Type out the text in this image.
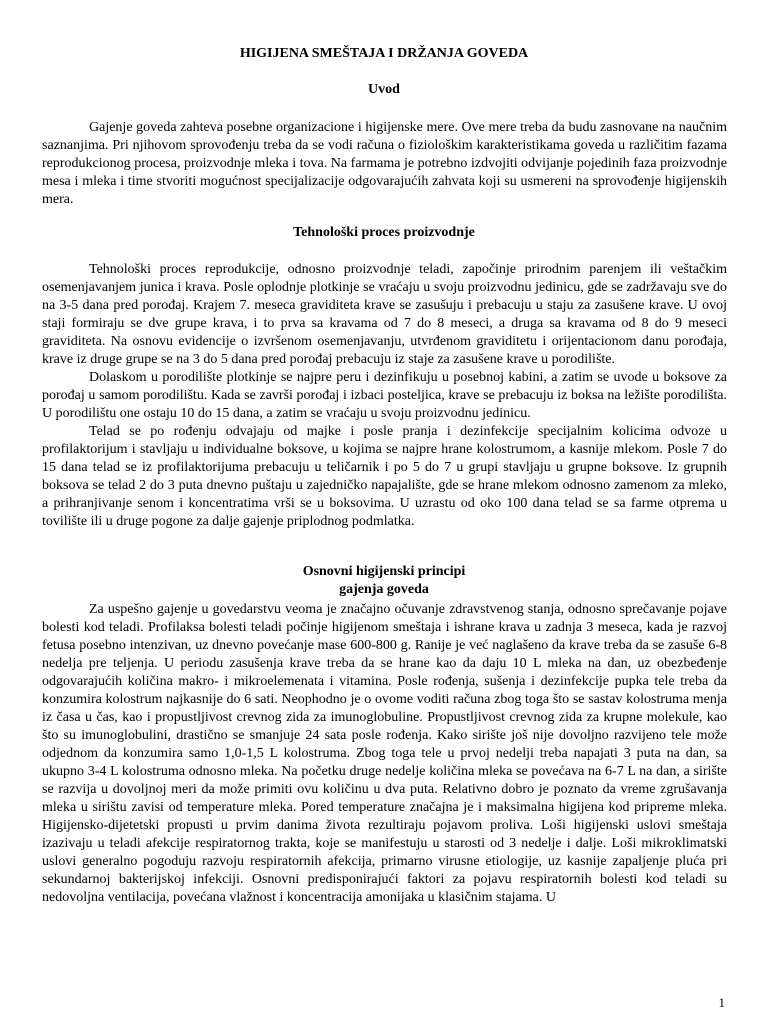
HIGIJENA SMEŠTAJA I DRŽANJA GOVEDA
Uvod

Gajenje goveda zahteva posebne organizacione i higijenske mere. Ove mere treba da budu zasnovane na naučnim saznanjima. Pri njihovom sprovođenju treba da se vodi računa o fiziološkim karakteristikama goveda u različitim fazama reprodukcionog procesa, proizvodnje mleka i tova. Na farmama je potrebno izdvojiti odvijanje pojedinih faza proizvodnje mesa i mleka i time stvoriti mogućnost specijalizacije odgovarajućih zahvata koji su usmereni na sprovođenje higijenskih mera.

Tehnološki proces proizvodnje

Tehnološki proces reprodukcije, odnosno proizvodnje teladi, započinje prirodnim parenjem ili veštačkim osemenjavanjem junica i krava. Posle oplodnje plotkinje se vraćaju u svoju proizvodnu jedinicu, gde se zadržavaju sve do na 3-5 dana pred porođaj. Krajem 7. meseca graviditeta krave se zasušuju i prebacuju u staju za zasušene krave. U ovoj staji formiraju se dve grupe krava, i to prva sa kravama od 7 do 8 meseci, a druga sa kravama od 8 do 9 meseci graviditeta. Na osnovu evidencije o izvršenom osemenjavanju, utvrđenom graviditetu i orijentacionom danu porođaja, krave iz druge grupe se na 3 do 5 dana pred porođaj prebacuju iz staje za zasušene krave u porodilište.

Dolaskom u porodilište plotkinje se najpre peru i dezinfikuju u posebnoj kabini, a zatim se uvode u boksove za porođaj u samom porodilištu. Kada se završi porođaj i izbaci posteljica, krave se prebacuju iz boksa na ležište porodilišta. U porodilištu one ostaju 10 do 15 dana, a zatim se vraćaju u svoju proizvodnu jedinicu.

Telad se po rođenju odvajaju od majke i posle pranja i dezinfekcije specijalnim kolicima odvoze u profilaktorijum i stavljaju u individualne boksove, u kojima se najpre hrane kolostrumom, a kasnije mlekom. Posle 7 do 15 dana telad se iz profilaktorijuma prebacuju u teličarnik i po 5 do 7 u grupi stavljaju u grupne boksove. Iz grupnih boksova se telad 2 do 3 puta dnevno puštaju u zajedničko napajalište, gde se hrane mlekom odnosno zamenom za mleko, a prihranjivanje senom i koncentratima vrši se u boksovima. U uzrastu od oko 100 dana telad se sa farme otprema u tovilište ili u druge pogone za dalje gajenje priplodnog podmlatka.

Osnovni higijenski principi
gajenja goveda

Za uspešno gajenje u govedarstvu veoma je značajno očuvanje zdravstvenog stanja, odnosno sprečavanje pojave bolesti kod teladi. Profilaksa bolesti teladi počinje higijenom smeštaja i ishrane krava u zadnja 3 meseca, kada je razvoj fetusa posebno intenzivan, uz dnevno povećanje mase 600-800 g. Ranije je već naglašeno da krave treba da se zasuše 6-8 nedelja pre teljenja. U periodu zasušenja krave treba da se hrane kao da daju 10 L mleka na dan, uz obezbeđenje odgovarajućih količina makro- i mikroelemenata i vitamina. Posle rođenja, sušenja i dezinfekcije pupka tele treba da konzumira kolostrum najkasnije do 6 sati. Neophodno je o ovome voditi računa zbog toga što se sastav kolostruma menja iz časa u čas, kao i propustljivost crevnog zida za imunoglobuline. Propustljivost crevnog zida za krupne molekule, kao što su imunoglobulini, drastično se smanjuje 24 sata posle rođenja. Kako sirište još nije dovoljno razvijeno tele može odjednom da konzumira samo 1,0-1,5 L kolostruma. Zbog toga tele u prvoj nedelji treba napajati 3 puta na dan, sa ukupno 3-4 L kolostruma odnosno mleka. Na početku druge nedelje količina mleka se povećava na 6-7 L na dan, a sirište se razvija u dovoljnoj meri da može primiti ovu količinu u dva puta. Relativno dobro je poznato da vreme zgrušavanja mleka u sirištu zavisi od temperature mleka. Pored temperature značajna je i maksimalna higijena kod pripreme mleka. Higijensko-dijetetski propusti u prvim danima života rezultiraju pojavom proliva. Loši higijenski uslovi smeštaja izazivaju u teladi afekcije respiratornog trakta, koje se manifestuju u starosti od 3 nedelje i dalje. Loši mikroklimatski uslovi generalno pogoduju razvoju respiratornih afekcija, primarno virusne etiologije, uz kasnije zapaljenje pluća pri sekundarnoj bakterijskoj infekciji. Osnovni predisponirajući faktori za pojavu respiratornih bolesti kod teladi su nedovoljna ventilacija, povećana vlažnost i koncentracija amonijaka u klasičnim stajama. U

1
